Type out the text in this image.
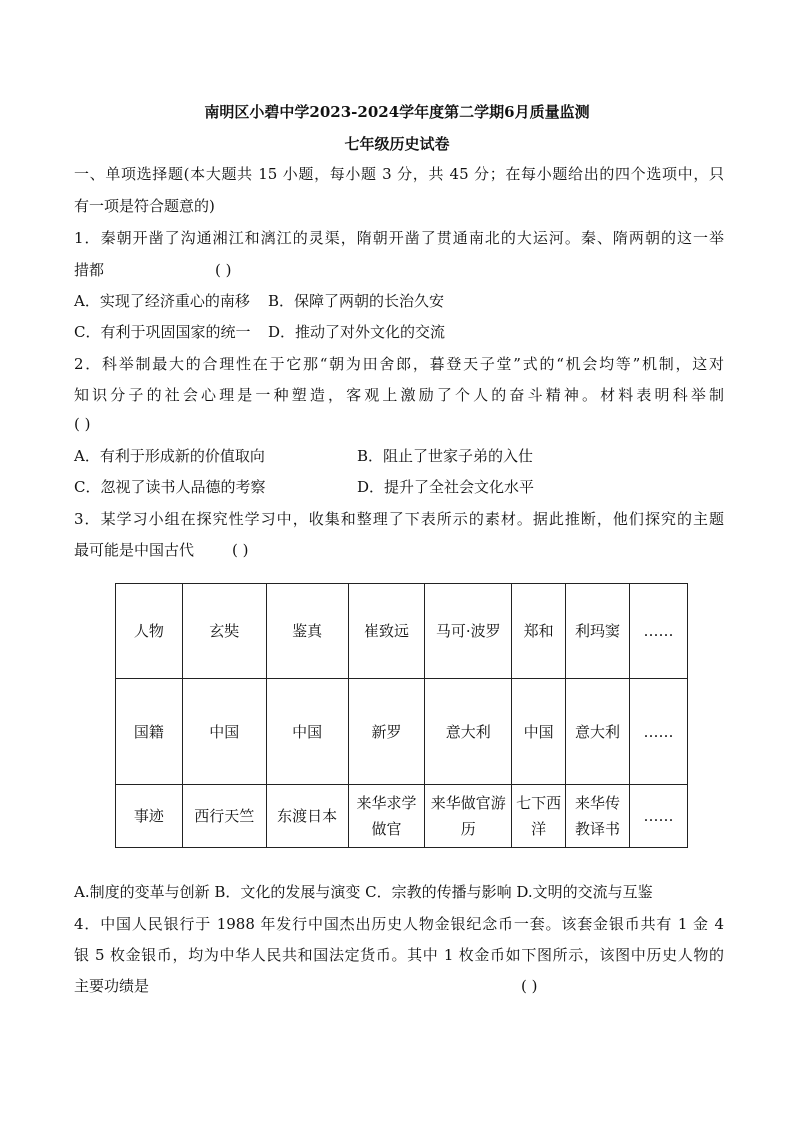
南明区小碧中学2023-2024学年度第二学期6月质量监测
七年级历史试卷
一、单项选择题(本大题共 15 小题，每小题 3 分，共 45 分；在每小题给出的四个选项中，只
有一项是符合题意的)
1．秦朝开凿了沟通湘江和漓江的灵渠，隋朝开凿了贯通南北的大运河。秦、隋两朝的这一举
措都	( )
A．实现了经济重心的南移 B．保障了两朝的长治久安
C．有利于巩固国家的统一 D．推动了对外文化的交流
2．科举制最大的合理性在于它那“朝为田舍郎，暮登天子堂”式的“机会均等”机制，这对
知识分子的社会心理是一种塑造，客观上激励了个人的奋斗精神。材料表明科举制
( )
A．有利于形成新的价值取向	B．阻止了世家子弟的入仕
C．忽视了读书人品德的考察	D．提升了全社会文化水平
3．某学习小组在探究性学习中，收集和整理了下表所示的素材。据此推断，他们探究的主题
最可能是中国古代	( )
人物	玄奘	鉴真	崔致远	马可·波罗	郑和	利玛窦	……
国籍	中国	中国	新罗	意大利	中国	意大利	……
事迹	西行天竺	东渡日本	来华求学做官	来华做官游历	七下西洋	来华传教译书	……
A.制度的变革与创新 B．文化的发展与演变 C．宗教的传播与影响 D.文明的交流与互鉴
4．中国人民银行于 1988 年发行中国杰出历史人物金银纪念币一套。该套金银币共有 1 金 4
银 5 枚金银币，均为中华人民共和国法定货币。其中 1 枚金币如下图所示，该图中历史人物的
主要功绩是	( )
